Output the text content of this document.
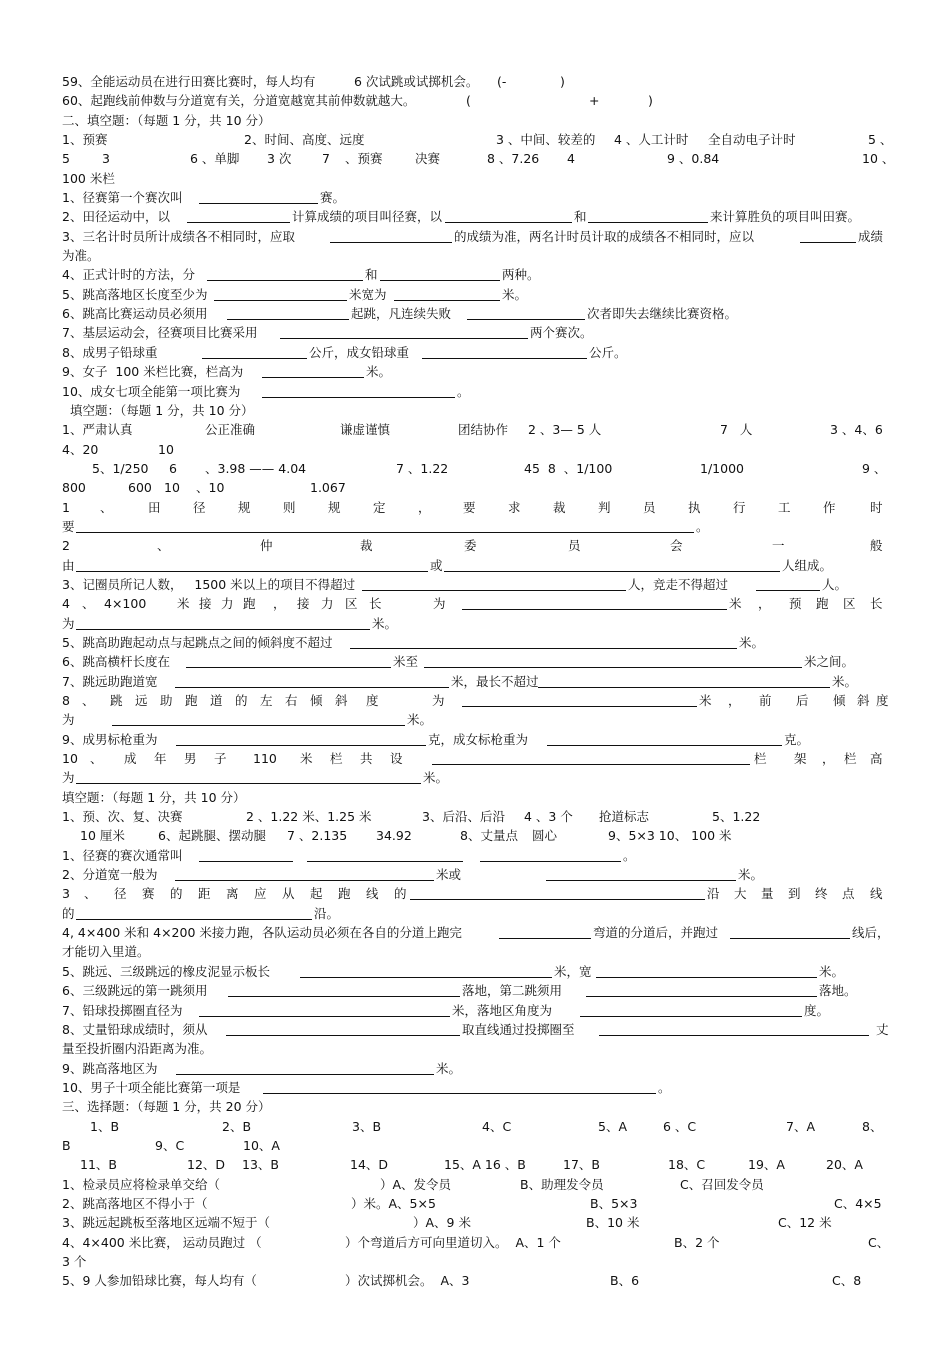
59、全能运动员在进行田赛比赛时，每人均有	6 次试跳或试掷机会。 (-	)
60、起跑线前伸数与分道宽有关，分道宽越宽其前伸数就越大。	(	+	)
二、填空题：（每题 1 分，共 10 分）
1、预赛	2、时间、高度、远度	3 、中间、较差的 4 、人工计时 全自动电子计时	5 、
5	3	6 、单脚 3 次 7 、预赛	决赛	8 、7.26 4	9 、0.84	10 、
100 米栏
1、径赛第一个赛次叫	赛。
2、田径运动中，以	计算成绩的项目叫径赛，以	和	来计算胜负的项目叫田赛。
3、三名计时员所计成绩各不相同时，应取	的成绩为准，两名计时员计取的成绩各不相同时，应以	成绩
为准。
4、正式计时的方法，分	和	两种。
5、跳高落地区长度至少为	米宽为	米。
6、跳高比赛运动员必须用	起跳，凡连续失败	次者即失去继续比赛资格。
7、基层运动会，径赛项目比赛采用	两个赛次。
8、成男子铅球重	公斤，成女铅球重	公斤。
9、女子  100 米栏比赛，栏高为	米。
10、成女七项全能第一项比赛为	。
填空题：（每题 1 分，共 10 分）
1、严肃认真	公正准确	谦虚谨慎	团结协作 2 、3— 5 人	7   人	3 、4、6
4、20	10
5、1/250 6 、3.98 —— 4.04	7 、1.22	45  8  、1/100	1/1000	9 、
800	600 10 、10	1.067
1 、	田	径	规	则	规	定	，	要	求	裁	判	员	执	行	工	作	时
要	。
2	、	仲	裁	委	员	会	一	般
由	或	人组成。
3、记圈员所记人数，   1500 米以上的项目不得超过	人，竞走不得超过	人。
4 、 4×100 米 接 力 跑 ， 接 力 区 长	为	米 ， 预 跑 区 长
为	米。
5、跳高助跑起动点与起跳点之间的倾斜度不超过	米。
6、跳高横杆长度在	米至	米之间。
7、跳远助跑道宽	米，最长不超过	米。
8 、 跳 远 助 跑 道 的 左 右 倾 斜 度	为	米 ， 前 后 倾 斜 度
为	米。
9、成男标枪重为	克，成女标枪重为	克。
10 、 成 年 男 子 110 米 栏 共 设	栏 架 ， 栏 高
为	米。
填空题：（每题 1 分，共 10 分）
1、预、次、复、决赛	2 、1.22 米、1.25 米	3、后沿、后沿 4 、3 个 抢道标志	5、1.22
10 厘米	6、起跳腿、摆动腿 7 、2.135 34.92	8、丈量点 圆心	9、5×3 10、 100 米
1、径赛的赛次通常叫	。
2、分道宽一般为	米或	米。
3 、 径 赛 的 距 离 应 从 起 跑 线 的	沿 大 量 到 终 点 线
的	沿。
4, 4×400 米和 4×200 米接力跑，各队运动员必须在各自的分道上跑完	弯道的分道后，并跑过	线后，
才能切入里道。
5、跳远、三级跳远的橡皮泥显示板长	米，宽	米。
6、三级跳远的第一跳须用	落地，第二跳须用	落地。
7、铅球投掷圈直径为	米，落地区角度为	度。
8、丈量铅球成绩时，须从	取直线通过投掷圈至	丈
量至投折圈内沿距离为准。
9、跳高落地区为	米。
10、男子十项全能比赛第一项是	。
三、选择题：（每题 1 分，共 20 分）
1、B	2、B	3、B	4、C	5、A	6 、C	7、A	8、
B	9、C	10、A
11、B	12、D 13、B	14、D	15、A 16 、B	17、B	18、C	19、A	20、A
1、检录员应将检录单交给（	）A、发令员	B、助理发令员	C、召回发令员
2、跳高落地区不得小于（	）米。A、5×5	B、5×3	C、4×5
3、跳远起跳板至落地区远端不短于（	）A、9 米	B、10 米	C、12 米
4、4×400 米比赛， 运动员跑过 （	）个弯道后方可向里道切入。  A、1 个	B、2 个	C、
3 个
5、9 人参加铅球比赛，每人均有（	）次试掷机会。  A、3	B、6	C、8
